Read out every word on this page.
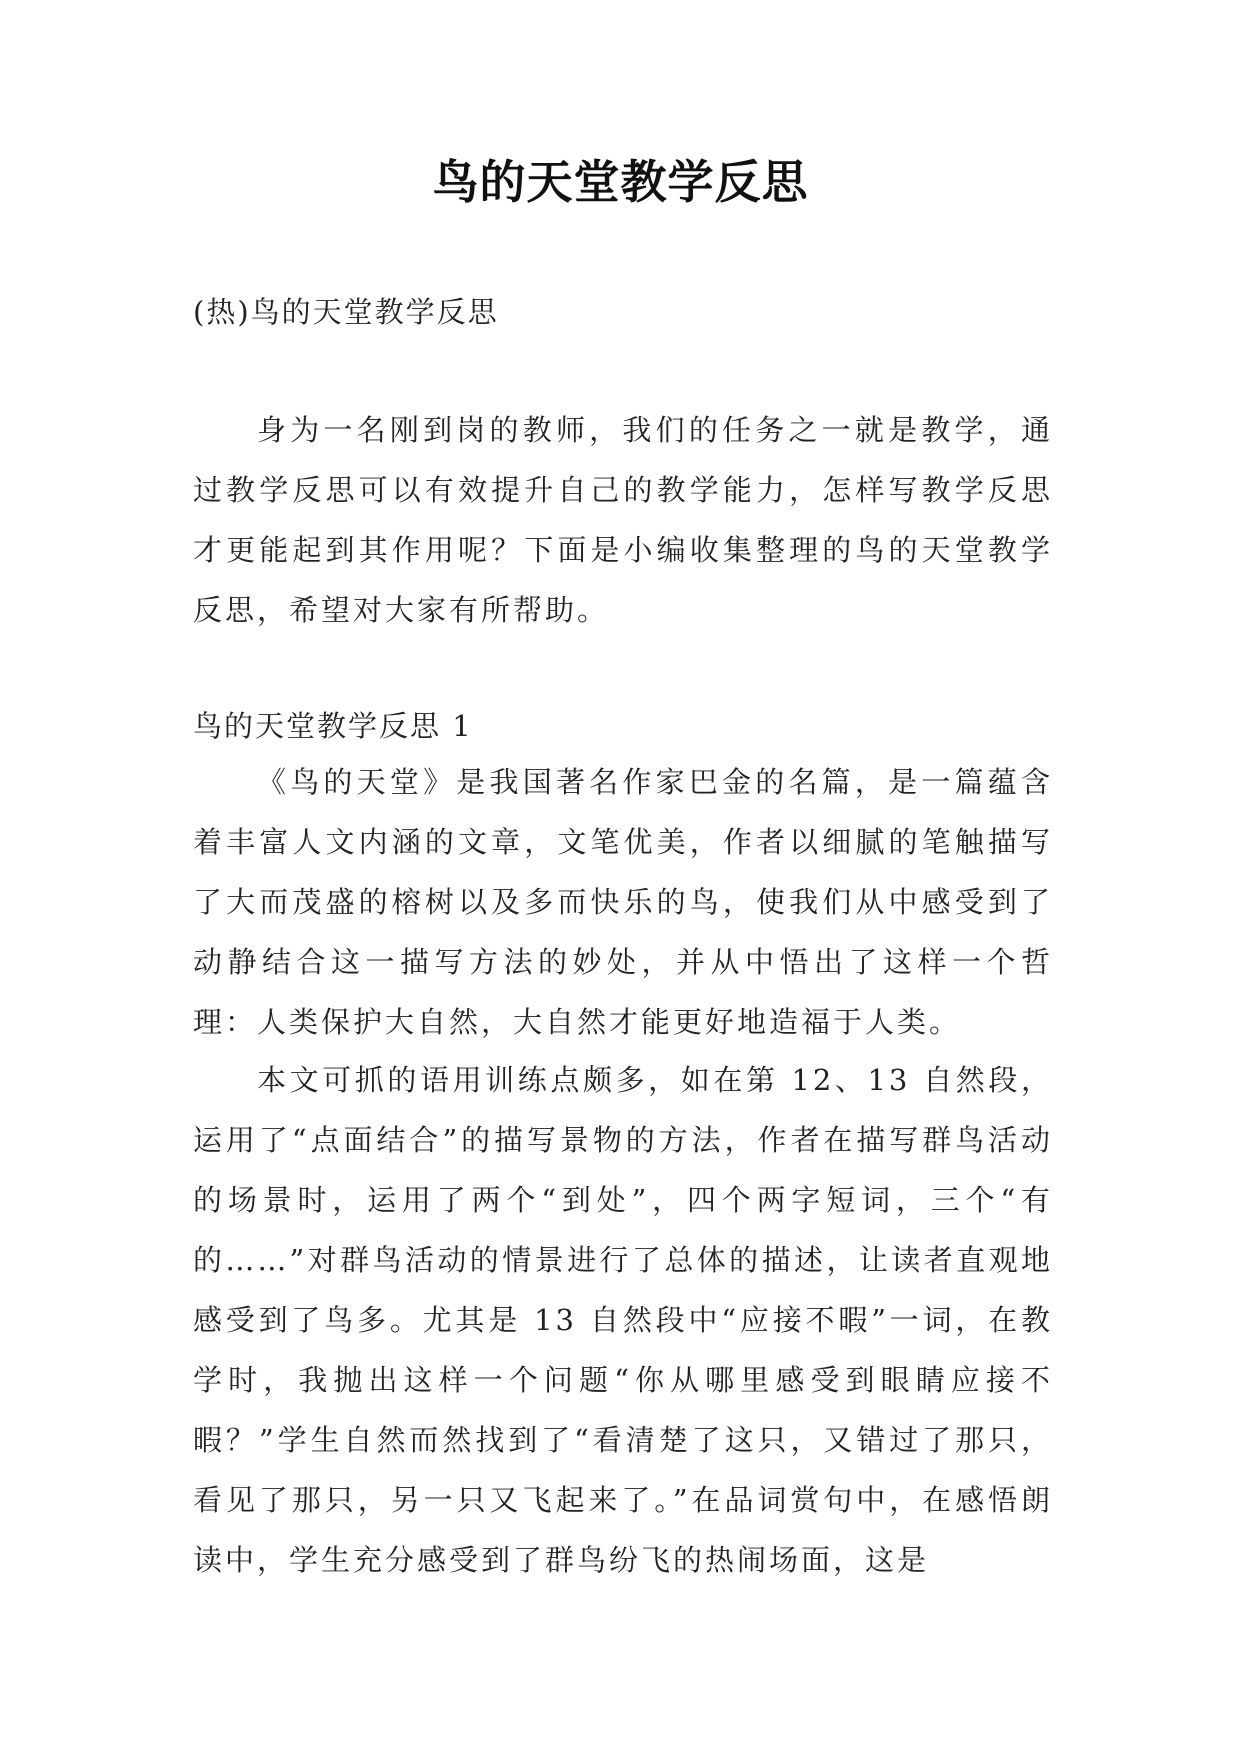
鸟的天堂教学反思
(热)鸟的天堂教学反思

身为一名刚到岗的教师，我们的任务之一就是教学，通过教学反思可以有效提升自己的教学能力，怎样写教学反思才更能起到其作用呢？下面是小编收集整理的鸟的天堂教学反思，希望对大家有所帮助。

鸟的天堂教学反思 1

《鸟的天堂》是我国著名作家巴金的名篇，是一篇蕴含着丰富人文内涵的文章，文笔优美，作者以细腻的笔触描写了大而茂盛的榕树以及多而快乐的鸟，使我们从中感受到了动静结合这一描写方法的妙处，并从中悟出了这样一个哲理：人类保护大自然，大自然才能更好地造福于人类。

本文可抓的语用训练点颇多，如在第 12、13 自然段，运用了“点面结合”的描写景物的方法，作者在描写群鸟活动的场景时，运用了两个“到处”，四个两字短词，三个“有的……”对群鸟活动的情景进行了总体的描述，让读者直观地感受到了鸟多。尤其是 13 自然段中“应接不暇”一词，在教学时，我抛出这样一个问题“你从哪里感受到眼睛应接不暇？”学生自然而然找到了“看清楚了这只，又错过了那只，看见了那只，另一只又飞起来了。”在品词赏句中，在感悟朗读中，学生充分感受到了群鸟纷飞的热闹场面，这是
